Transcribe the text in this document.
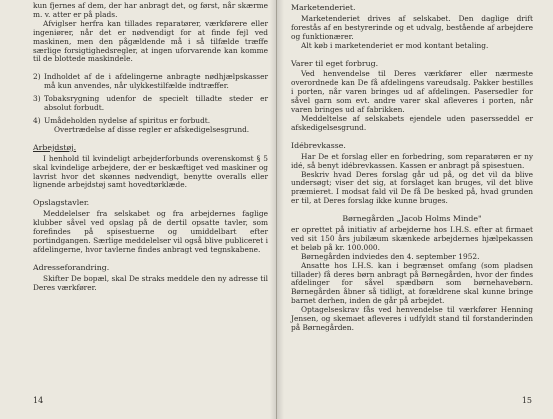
kun fjernes af dem, der har anbragt det, og først, når skærme m. v. atter er på plads.

Afviglser herfra kan tillades reparatører, værkførere eller ingeniører, når det er nødvendigt for at finde fejl ved maskinen, men den pågældende må i så tilfælde træffe særlige forsigtighedsregler, at ingen uforvarende kan komme til de blottede maskindele.

2) Indholdet af de i afdelingerne anbragte nødhjælpskasser må kun anvendes, når ulykkestilfælde indtræffer.
3) Tobaksrygning udenfor de specielt tilladte steder er absolut forbudt.
4) Umådeholden nydelse af spiritus er forbudt.

Overtrædelse af disse regler er afskedigelsesgrund.

Arbejdstøj.

I henhold til kvindeligt arbejderforbunds overenskomst § 5 skal kvindelige arbejdere, der er beskæftiget ved maskiner og lavrist hvor det skønnes nødvendigt, benytte overalls eller lignende arbejdstøj samt hovedtørklæde.

Opslagstavler.

Meddelelser fra selskabet og fra arbejdernes faglige klubber såvel ved opslag på de dertil opsatte tavler, som forefindes på spisestuerne og umiddelbart efter portindgangen. Særlige meddelelser vil også blive publiceret i afdelingerne, hvor tavlerne findes anbragt ved tegnskabene.

Adresseforandring.

Skifter De bopæl, skal De straks meddele den ny adresse til Deres værkfører.

14
Marketenderiet.

Marketenderiet drives af selskabet. Den daglige drift forestås af en bestyrerinde og et udvalg, bestående af arbejdere og funktionærer.

Alt køb i marketenderiet er mod kontant betaling.

Varer til eget forbrug.

Ved henvendelse til Deres værkfører eller nærmeste overordnede kan De få afdelingens vareudsalg. Pakker bestilles i porten, når varen bringes ud af afdelingen. Pasersedler for såvel garn som evt. andre varer skal afleveres i porten, når varen bringes ud af fabrikken.

Meddeltelse af selskabets ejendele uden pasersseddel er afskedigelsesgrund.

Idébrevkasse.

Har De et forslag eller en forbedring, som reparatøren er ny idé, så benyt idébrevkassen. Kassen er anbragt på spisestuen.

Beskriv hvad Deres forslag går ud på, og det vil da blive undersøgt; viser det sig, at forslaget kan bruges, vil det blive præmieret. I modsat fald vil De få De besked på, hvad grunden er til, at Deres forslag ikke kunne bruges.

Børnegården „Jacob Holms Minde"

er oprettet på initiativ af arbejderne hos I.H.S. efter at firmaet ved sit 150 års jubilæum skænkede arbejdernes hjælpekassen et beløb på kr. 100.000.

Børnegården indviedes den 4. september 1952.

Ansatte hos I.H.S. kan i begrænset omfang (som pladsen tillader) få deres børn anbragt på Børnegården, hvor der findes afdelinger for såvel spædbørn som børnehavebørn. Børnegården åbner så tidligt, at forældrene skal kunne bringe barnet derhen, inden de går på arbejdet.

Optagelseskrav fås ved henvendelse til værkfører Henning Jensen, og skemaet afleveres i udfyldt stand til forstanderinden på Børnegården.

15
